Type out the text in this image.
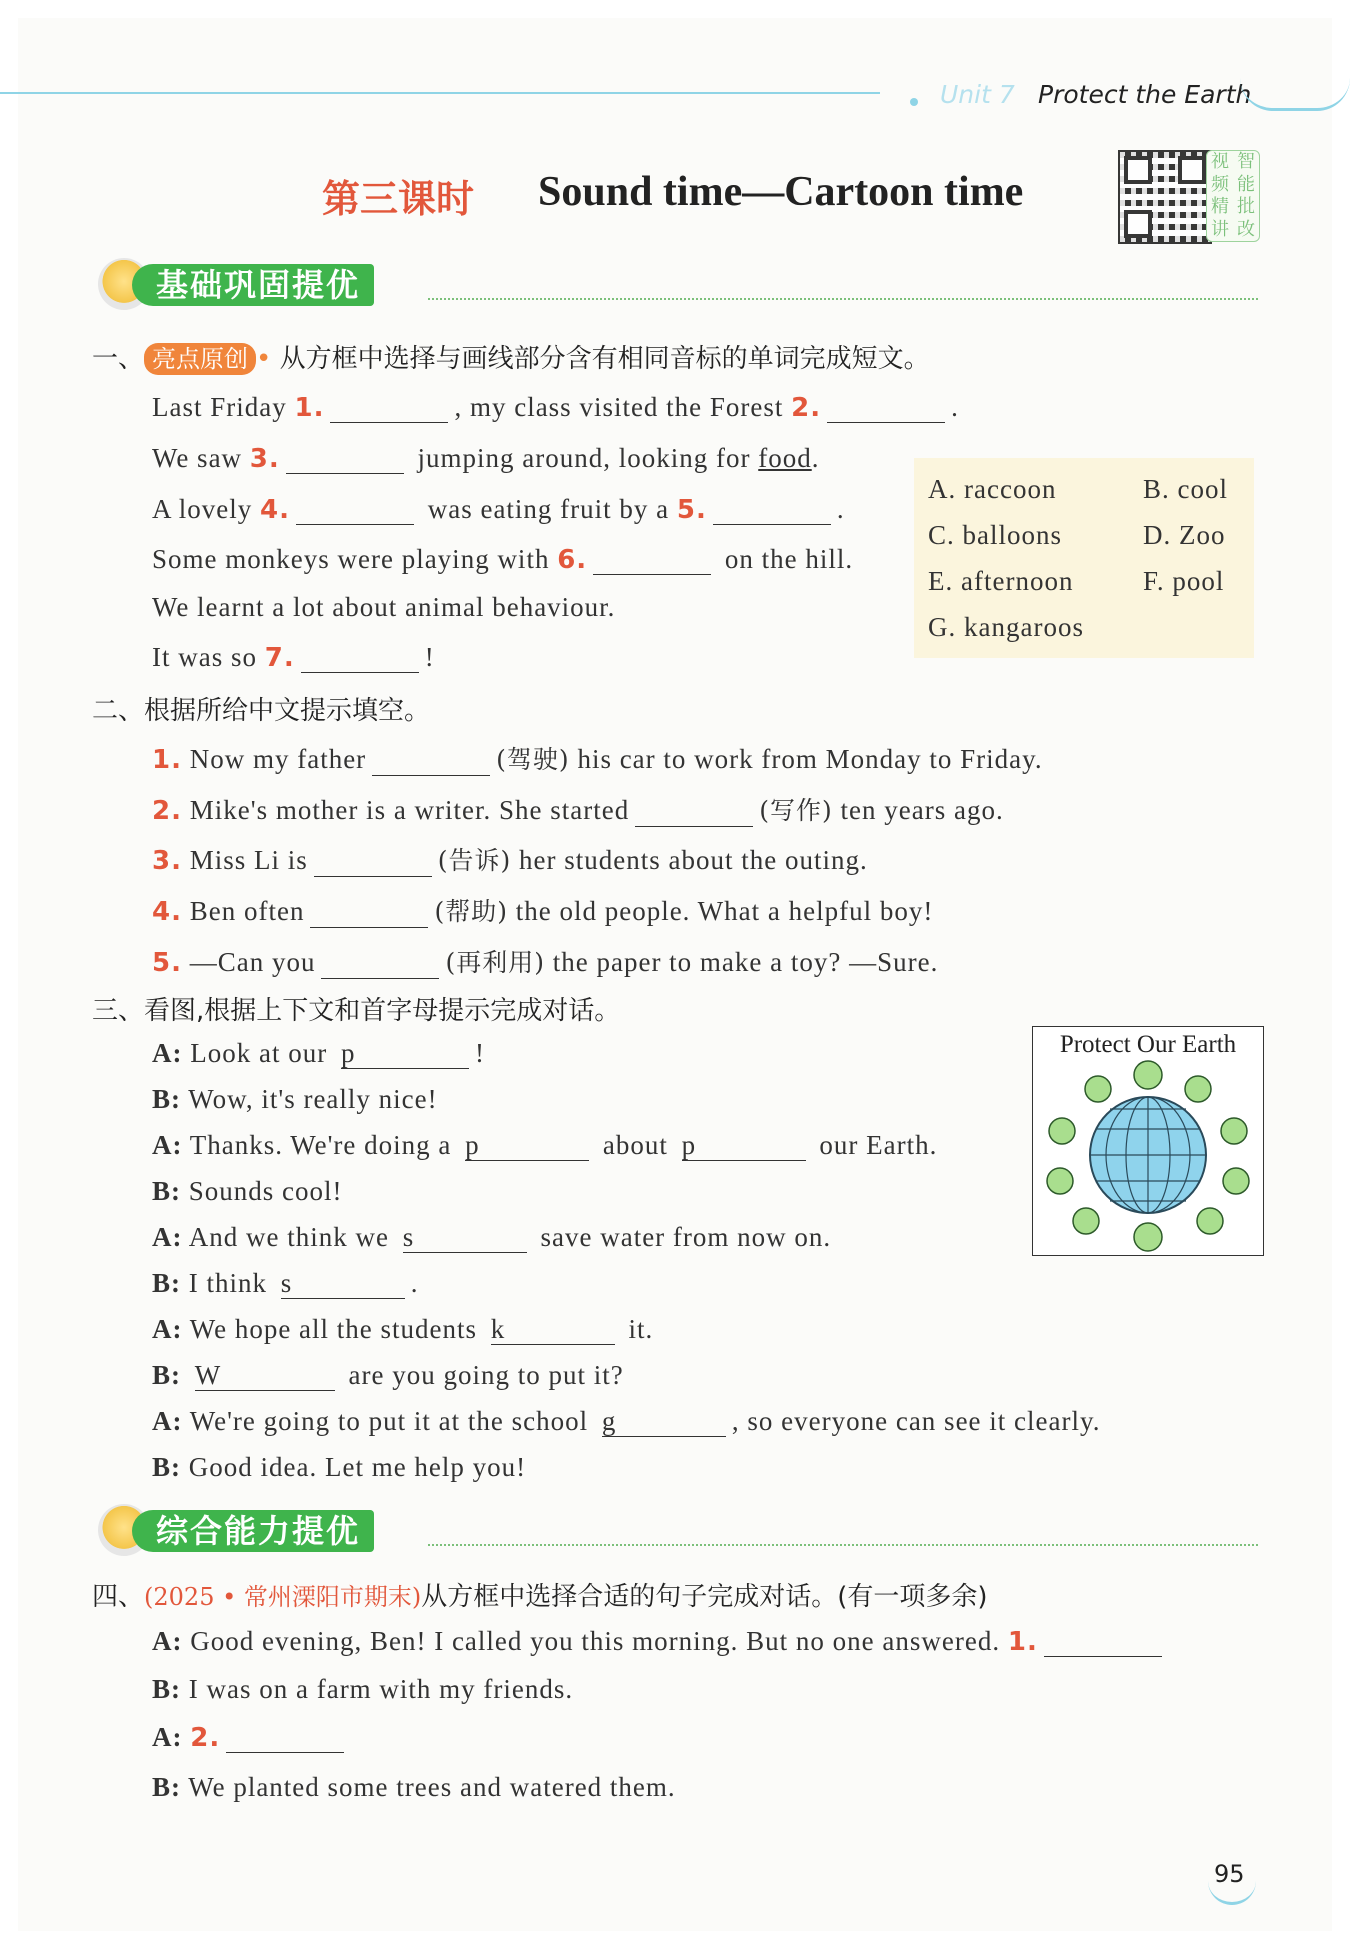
Unit 7 Protect the Earth
第三课时 Sound time—Cartoon time
视 智
频 能
精 批
讲 改
基础巩固提优
一、 亮点原创 • 从方框中选择与画线部分含有相同音标的单词完成短文。
Last Friday 1.	, my class visited the Forest 2.	.
We saw 3.	jumping around, looking for food.
A lovely 4.	was eating fruit by a 5.	.
Some monkeys were playing with 6.	on the hill.
We learnt a lot about animal behaviour.
It was so 7.	!
A. raccoon	B. cool
C. balloons	D. Zoo
E. afternoon	F. pool
G. kangaroos
二、根据所给中文提示填空。
1. Now my father	(驾驶) his car to work from Monday to Friday.
2. Mike's mother is a writer. She started	(写作) ten years ago.
3. Miss Li is	(告诉) her students about the outing.
4. Ben often	(帮助) the old people. What a helpful boy!
5. —Can you	(再利用) the paper to make a toy? —Sure.
三、看图,根据上下文和首字母提示完成对话。
A: Look at our p	!
B: Wow, it's really nice!
A: Thanks. We're doing a p	about p	our Earth.
B: Sounds cool!
A: And we think we s	save water from now on.
B: I think s	.
A: We hope all the students k	it.
B: W	are you going to put it?
A: We're going to put it at the school g	, so everyone can see it clearly.
B: Good idea. Let me help you!
Protect Our Earth
综合能力提优
四、(2025 • 常州溧阳市期末)从方框中选择合适的句子完成对话。(有一项多余)
A: Good evening, Ben! I called you this morning. But no one answered. 1.
B: I was on a farm with my friends.
A: 2.
B: We planted some trees and watered them.
95
